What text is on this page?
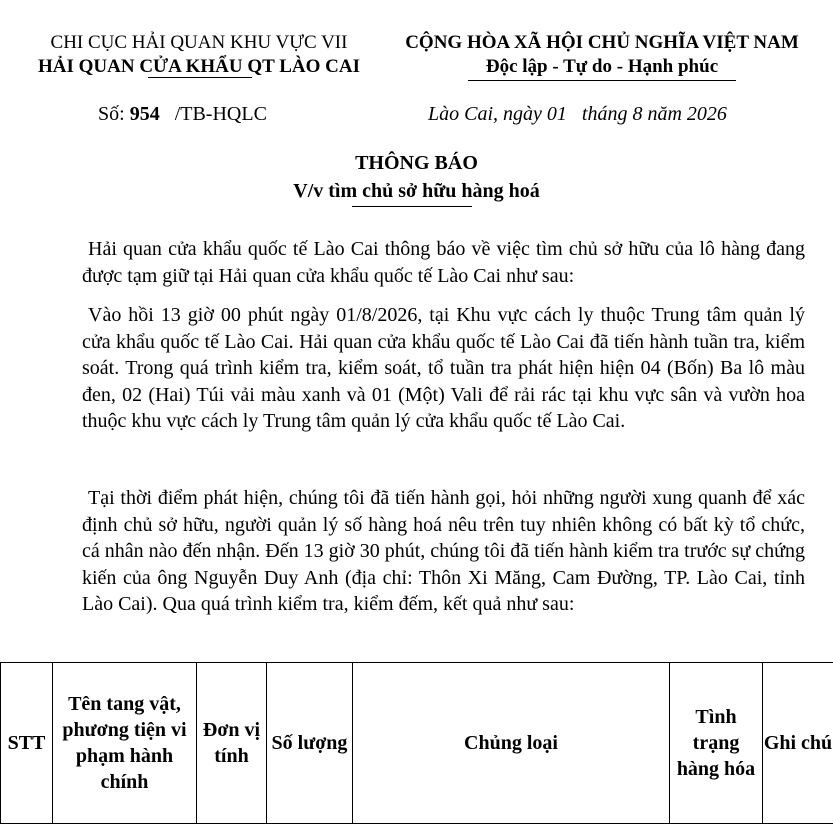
CHI CỤC HẢI QUAN KHU VỰC VII
HẢI QUAN CỬA KHẨU QT LÀO CAI
CỘNG HÒA XÃ HỘI CHỦ NGHĨA VIỆT NAM
Độc lập - Tự do - Hạnh phúc
Số: 954 /TB-HQLC	Lào Cai, ngày 01   tháng 8 năm 2026
THÔNG BÁO
V/v tìm chủ sở hữu hàng hoá
Hải quan cửa khẩu quốc tế Lào Cai thông báo về việc tìm chủ sở hữu của lô hàng đang được tạm giữ tại Hải quan cửa khẩu quốc tế Lào Cai như sau:
Vào hồi 13 giờ 00 phút ngày 01/8/2026, tại Khu vực cách ly thuộc Trung tâm quản lý cửa khẩu quốc tế Lào Cai. Hải quan cửa khẩu quốc tế Lào Cai đã tiến hành tuần tra, kiểm soát. Trong quá trình kiểm tra, kiểm soát, tổ tuần tra phát hiện hiện 04 (Bốn) Ba lô màu đen, 02 (Hai) Túi vải màu xanh và 01 (Một) Vali để rải rác tại khu vực sân và vườn hoa thuộc khu vực cách ly Trung tâm quản lý cửa khẩu quốc tế Lào Cai.
Tại thời điểm phát hiện, chúng tôi đã tiến hành gọi, hỏi những người xung quanh để xác định chủ sở hữu, người quản lý số hàng hoá nêu trên tuy nhiên không có bất kỳ tổ chức, cá nhân nào đến nhận. Đến 13 giờ 30 phút, chúng tôi đã tiến hành kiểm tra trước sự chứng kiến của ông Nguyễn Duy Anh (địa chỉ: Thôn Xi Măng, Cam Đường, TP. Lào Cai, tỉnh Lào Cai). Qua quá trình kiểm tra, kiểm đếm, kết quả như sau:
STT	Tên tang vật, phương tiện vi phạm hành chính	Đơn vị tính	Số lượng	Chủng loại	Tình trạng hàng hóa	Ghi chú
